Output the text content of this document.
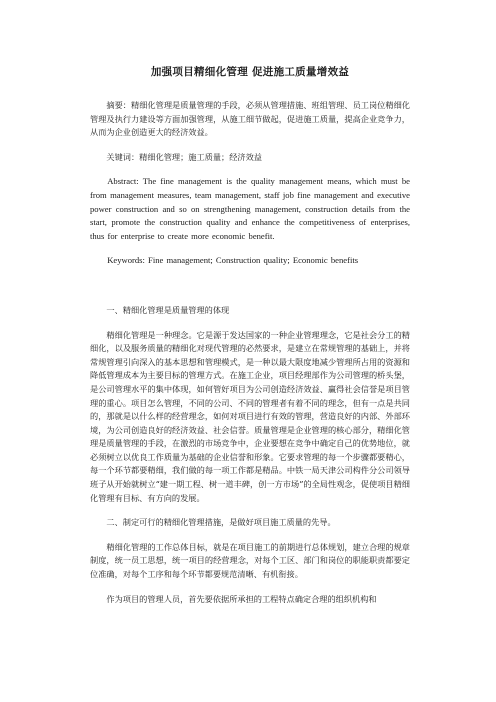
加强项目精细化管理 促进施工质量增效益

摘要：精细化管理是质量管理的手段，必须从管理措施、班组管理、员工岗位精细化管理及执行力建设等方面加强管理，从施工细节做起，促进施工质量，提高企业竞争力，从而为企业创造更大的经济效益。

关键词：精细化管理；施工质量；经济效益

Abstract: The fine management is the quality management means, which must be from management measures, team management, staff job fine management and executive power construction and so on strengthening management, construction details from the start, promote the construction quality and enhance the competitiveness of enterprises, thus for enterprise to create more economic benefit.

Keywords: Fine management; Construction quality; Economic benefits

一、精细化管理是质量管理的体现

精细化管理是一种理念。它是源于发达国家的一种企业管理理念，它是社会分工的精细化，以及服务质量的精细化对现代管理的必然要求，是建立在常规管理的基础上，并将常规管理引向深入的基本思想和管理模式，是一种以最大限度地减少管理所占用的资源和降低管理成本为主要目标的管理方式。在施工企业，项目经理部作为公司管理的桥头堡，是公司管理水平的集中体现，如何管好项目为公司创造经济效益、赢得社会信誉是项目管理的重心。项目怎么管理，不同的公司、不同的管理者有着不同的理念，但有一点是共同的，那就是以什么样的经营理念，如何对项目进行有效的管理，营造良好的内部、外部环境，为公司创造良好的经济效益、社会信誉。质量管理是企业管理的核心部分，精细化管理是质量管理的手段，在激烈的市场竞争中，企业要想在竞争中确定自己的优势地位，就必须树立以优良工作质量为基础的企业信誉和形象。它要求管理的每一个步骤都要精心，每一个环节都要精细，我们做的每一项工作都是精品。中铁一局天津公司构件分公司领导班子从开始就树立“建一期工程、树一道丰碑，创一方市场”的全局性观念，促使项目精细化管理有目标、有方向的发展。

二、制定可行的精细化管理措施，是做好项目施工质量的先导。

精细化管理的工作总体目标，就是在项目施工的前期进行总体规划，建立合理的规章制度，统一员工思想，统一项目的经营理念，对每个工区、部门和岗位的职能职责都要定位准确，对每个工序和每个环节都要规范清晰、有机衔接。

作为项目的管理人员，首先要依据所承担的工程特点确定合理的组织机构和
